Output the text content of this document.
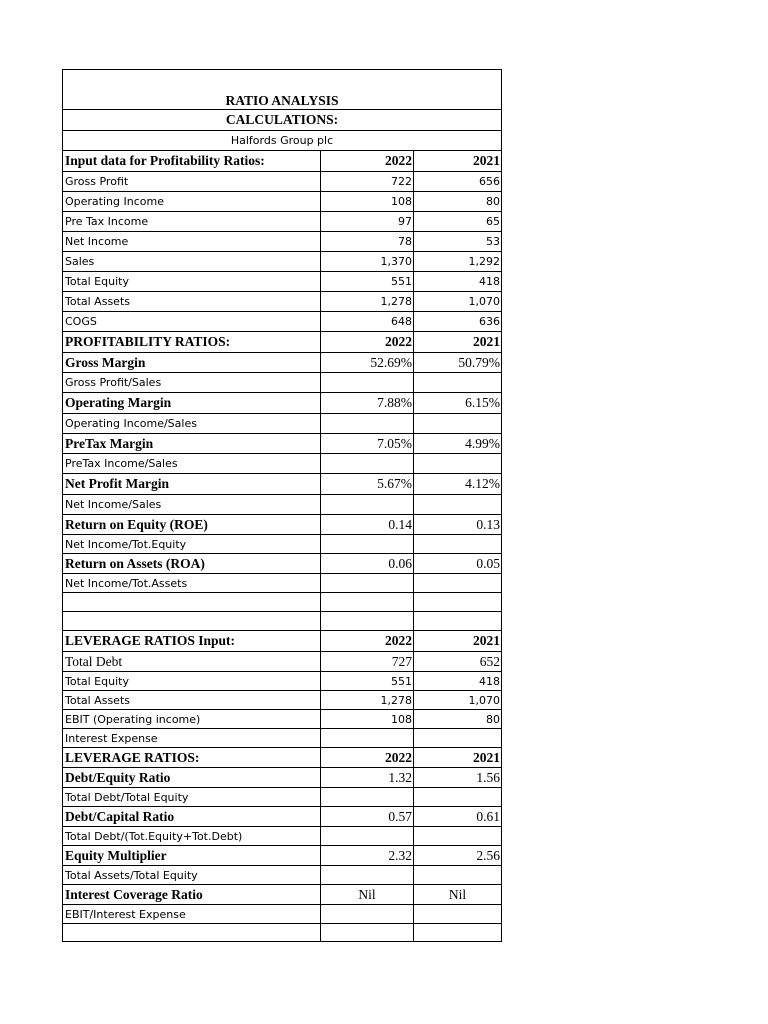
RATIO ANALYSIS		
CALCULATIONS:		
Halfords Group plc		
Input data for Profitability Ratios:	2022	2021
Gross Profit	722	656
Operating Income	108	80
Pre Tax Income	97	65
Net Income	78	53
Sales	1,370	1,292
Total Equity	551	418
Total Assets	1,278	1,070
COGS	648	636
PROFITABILITY RATIOS:	2022	2021
Gross Margin	52.69%	50.79%
Gross Profit/Sales		
Operating Margin	7.88%	6.15%
Operating Income/Sales		
PreTax Margin	7.05%	4.99%
PreTax Income/Sales		
Net Profit Margin	5.67%	4.12%
Net Income/Sales		
Return on Equity (ROE)	0.14	0.13
Net Income/Tot.Equity		
Return on Assets (ROA)	0.06	0.05
Net Income/Tot.Assets		

LEVERAGE RATIOS Input:	2022	2021
Total Debt	727	652
Total Equity	551	418
Total Assets	1,278	1,070
EBIT (Operating income)	108	80
Interest Expense		
LEVERAGE RATIOS:	2022	2021
Debt/Equity Ratio	1.32	1.56
Total Debt/Total Equity		
Debt/Capital Ratio	0.57	0.61
Total Debt/(Tot.Equity+Tot.Debt)		
Equity Multiplier	2.32	2.56
Total Assets/Total Equity		
Interest Coverage Ratio	Nil	Nil
EBIT/Interest Expense		
